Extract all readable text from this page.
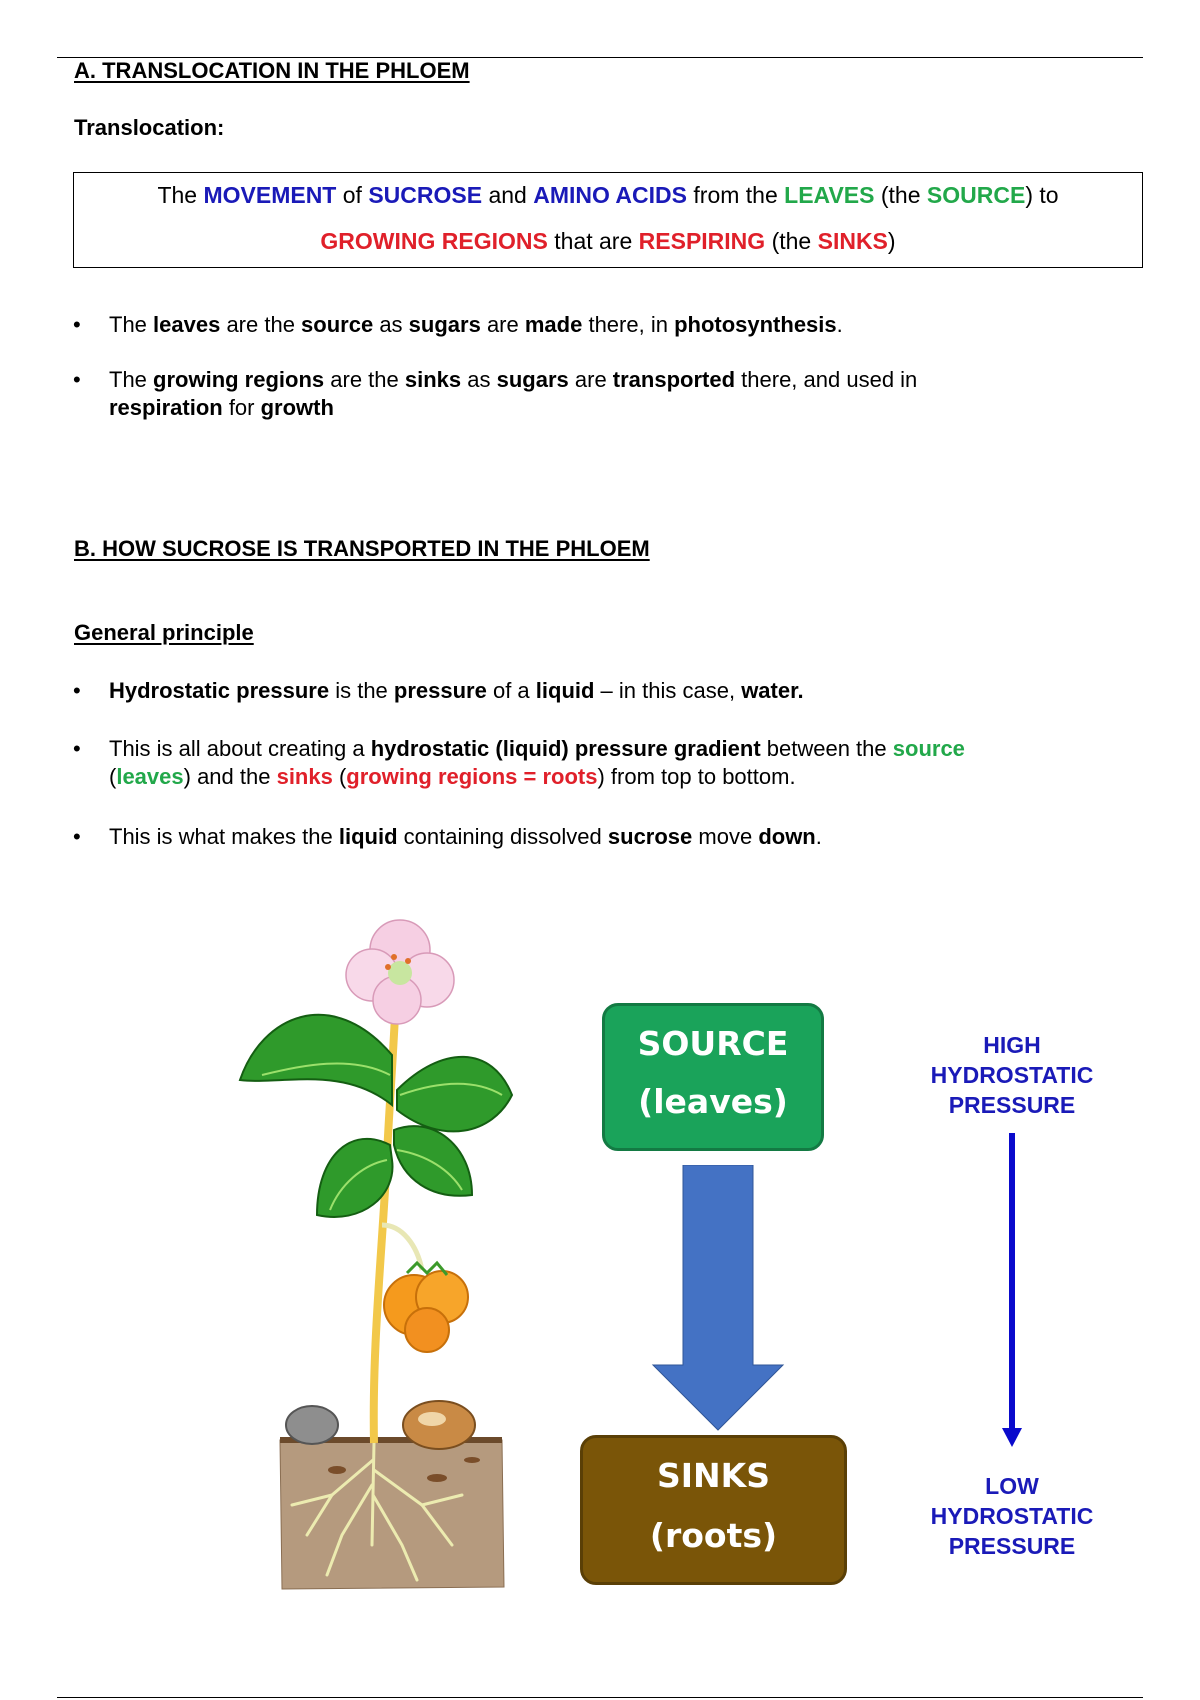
A. TRANSLOCATION IN THE PHLOEM
Translocation:
The MOVEMENT of SUCROSE and AMINO ACIDS from the LEAVES (the SOURCE) to
GROWING REGIONS that are RESPIRING (the SINKS)
• The leaves are the source as sugars are made there, in photosynthesis.
• The growing regions are the sinks as sugars are transported there, and used in
respiration for growth
B. HOW SUCROSE IS TRANSPORTED IN THE PHLOEM
General principle
• Hydrostatic pressure is the pressure of a liquid – in this case, water.
• This is all about creating a hydrostatic (liquid) pressure gradient between the source
(leaves) and the sinks (growing regions = roots) from top to bottom.
• This is what makes the liquid containing dissolved sucrose move down.
SOURCE
(leaves)
SINKS
(roots)
HIGH
HYDROSTATIC
PRESSURE
LOW
HYDROSTATIC
PRESSURE
